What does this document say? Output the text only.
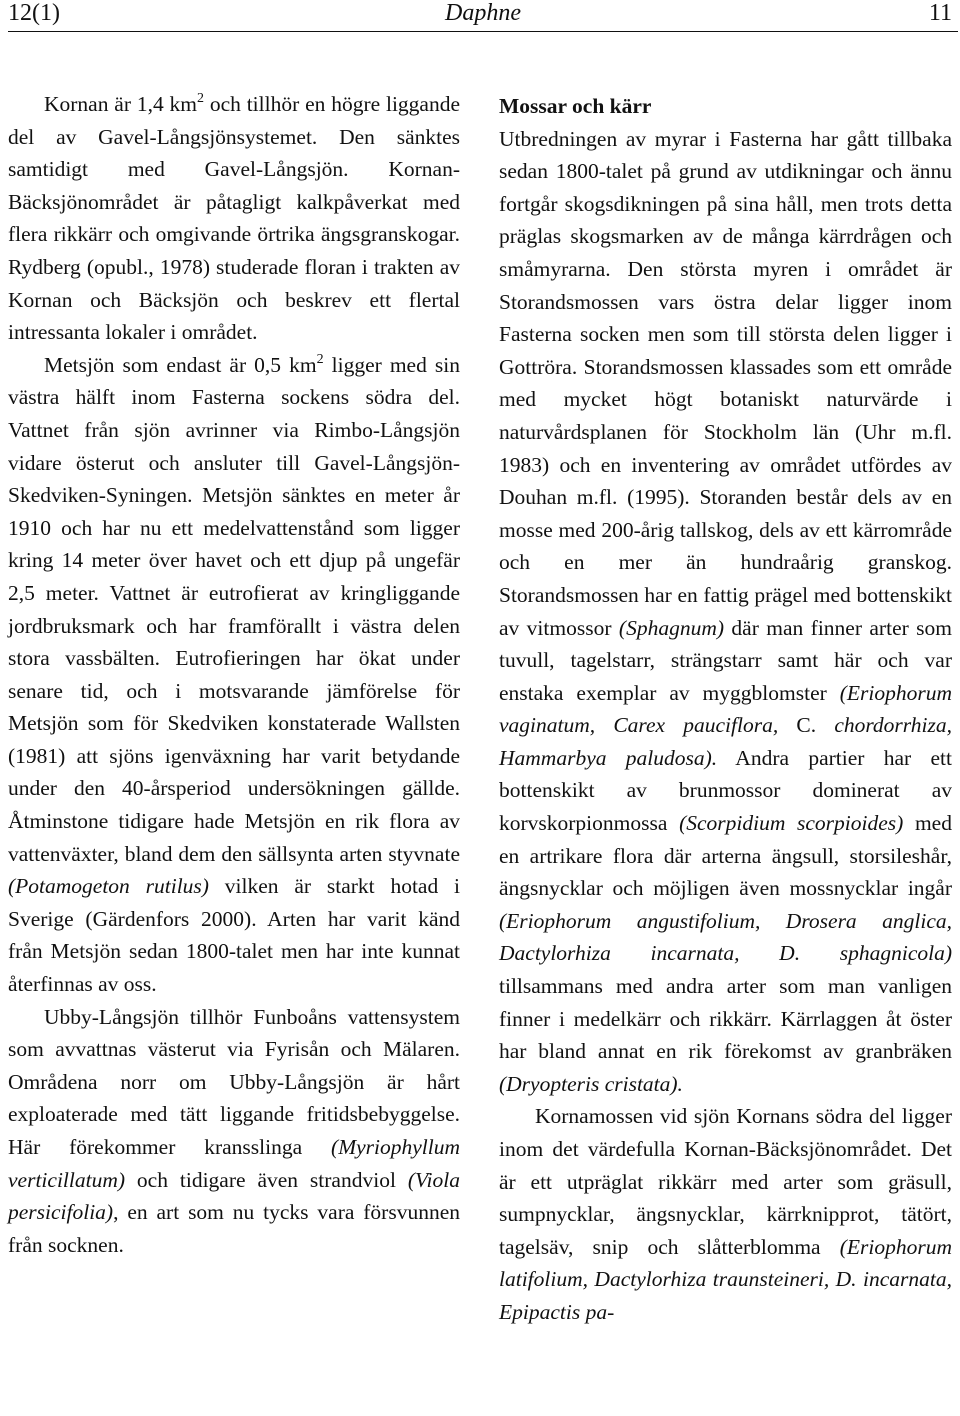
12(1)	Daphne	11

Kornan är 1,4 $km^2$ och tillhör en högre liggande del av Gavel-Långsjönsystemet. Den sänktes samtidigt med Gavel-Långsjön. Kornan-Bäcksjönområdet är påtagligt kalkpåverkat med flera rikkärr och omgivande örtrika ängsgranskogar. Rydberg (opubl., 1978) studerade floran i trakten av Kornan och Bäcksjön och beskrev ett flertal intressanta lokaler i området.

Metsjön som endast är 0,5 $km^2$ ligger med sin västra hälft inom Fasterna sockens södra del. Vattnet från sjön avrinner via Rimbo-Långsjön vidare österut och ansluter till Gavel-Långsjön-Skedviken-Syningen. Metsjön sänktes en meter år 1910 och har nu ett medelvattenstånd som ligger kring 14 meter över havet och ett djup på ungefär 2,5 meter. Vattnet är eutrofierat av kringliggande jordbruksmark och har framförallt i västra delen stora vassbälten. Eutrofieringen har ökat under senare tid, och i motsvarande jämförelse för Metsjön som för Skedviken konstaterade Wallsten (1981) att sjöns igenväxning har varit betydande under den 40-årsperiod undersökningen gällde. Åtminstone tidigare hade Metsjön en rik flora av vattenväxter, bland dem den sällsynta arten styvnate (Potamogeton rutilus) vilken är starkt hotad i Sverige (Gärdenfors 2000). Arten har varit känd från Metsjön sedan 1800-talet men har inte kunnat återfinnas av oss.

Ubby-Långsjön tillhör Funboåns vattensystem som avvattnas västerut via Fyrisån och Mälaren. Områdena norr om Ubby-Långsjön är hårt exploaterade med tätt liggande fritidsbebyggelse. Här förekommer kransslinga (Myriophyllum verticillatum) och tidigare även strandviol (Viola persicifolia), en art som nu tycks vara försvunnen från socknen.

Mossar och kärr

Utbredningen av myrar i Fasterna har gått tillbaka sedan 1800-talet på grund av utdikningar och ännu fortgår skogsdikningen på sina håll, men trots detta präglas skogsmarken av de många kärrdrågen och småmyrarna. Den största myren i området är Storandsmossen vars östra delar ligger inom Fasterna socken men som till största delen ligger i Gottröra. Storandsmossen klassades som ett område med mycket högt botaniskt naturvärde i naturvårdsplanen för Stockholm län (Uhr m.fl. 1983) och en inventering av området utfördes av Douhan m.fl. (1995). Storanden består dels av en mosse med 200-årig tallskog, dels av ett kärrområde och en mer än hundraårig granskog. Storandsmossen har en fattig prägel med bottenskikt av vitmossor (Sphagnum) där man finner arter som tuvull, tagelstarr, strängstarr samt här och var enstaka exemplar av myggblomster (Eriophorum vaginatum, Carex pauciflora, C. chordorrhiza, Hammarbya paludosa). Andra partier har ett bottenskikt av brunmossor dominerat av korvskorpionmossa (Scorpidium scorpioides) med en artrikare flora där arterna ängsull, storsileshår, ängsnycklar och möjligen även mossnycklar ingår (Eriophorum angustifolium, Drosera anglica, Dactylorhiza incarnata, D. sphagnicola) tillsammans med andra arter som man vanligen finner i medelkärr och rikkärr. Kärrlaggen åt öster har bland annat en rik förekomst av granbräken (Dryopteris cristata).

Kornamossen vid sjön Kornans södra del ligger inom det värdefulla Kornan-Bäcksjönområdet. Det är ett utpräglat rikkärr med arter som gräsull, sumpnycklar, ängsnycklar, kärrknipprot, tätört, tagelsäv, snip och slåtterblomma (Eriophorum latifolium, Dactylorhiza traunsteineri, D. incarnata, Epipactis pa-
